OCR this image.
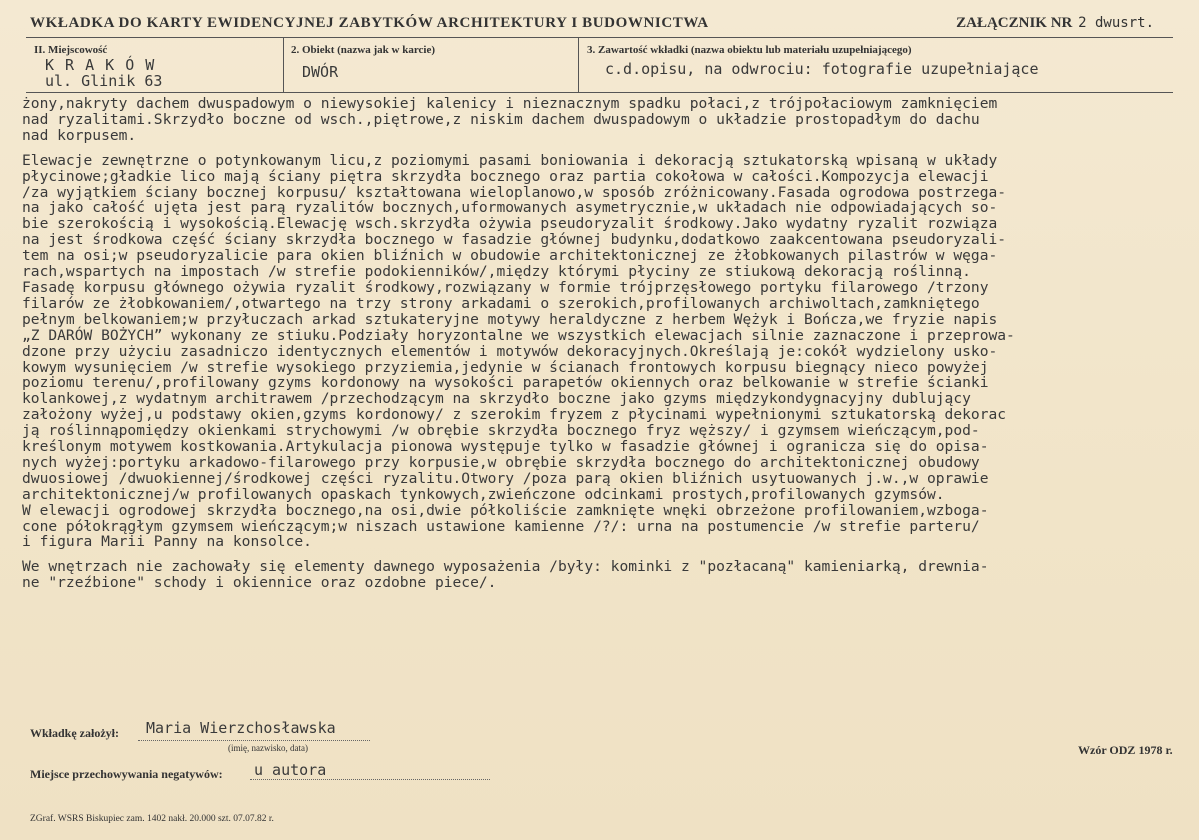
WKŁADKA DO KARTY EWIDENCYJNEJ ZABYTKÓW ARCHITEKTURY I BUDOWNICTWA	ZAŁĄCZNIK NR 2 dwusrt.
II. Miejscowość
K R A K Ó W
ul. Glinik 63
2. Obiekt (nazwa jak w karcie)
DWÓR
3. Zawartość wkładki (nazwa obiektu lub materiału uzupełniającego)
c.d.opisu, na odwrociu: fotografie uzupełniające
żony,nakryty dachem dwuspadowym o niewysokiej kalenicy i nieznacznym spadku połaci,z trójpołaciowym zamknięciem
nad ryzalitami.Skrzydło boczne od wsch.,piętrowe,z niskim dachem dwuspadowym o układzie prostopadłym do dachu
nad korpusem.
Elewacje zewnętrzne o potynkowanym licu,z poziomymi pasami boniowania i dekoracją sztukatorską wpisaną w układy
płycinowe;gładkie lico mają ściany piętra skrzydła bocznego oraz partia cokołowa w całości.Kompozycja elewacji
/za wyjątkiem ściany bocznej korpusu/ kształtowana wieloplanowo,w sposób zróżnicowany.Fasada ogrodowa postrzega-
na jako całość ujęta jest parą ryzalitów bocznych,uformowanych asymetrycznie,w układach nie odpowiadających so-
bie szerokością i wysokością.Elewację wsch.skrzydła ożywia pseudoryzalit środkowy.Jako wydatny ryzalit rozwiąza
na jest środkowa część ściany skrzydła bocznego w fasadzie głównej budynku,dodatkowo zaakcentowana pseudoryzali-
tem na osi;w pseudoryzalicie para okien bliźnich w obudowie architektonicznej ze żłobkowanych pilastrów w węga-
rach,wspartych na impostach /w strefie podokienników/,między którymi płyciny ze stiukową dekoracją roślinną.
Fasadę korpusu głównego ożywia ryzalit środkowy,rozwiązany w formie trójprzęsłowego portyku filarowego /trzony
filarów ze żłobkowaniem/,otwartego na trzy strony arkadami o szerokich,profilowanych archiwoltach,zamkniętego
pełnym belkowaniem;w przyłuczach arkad sztukateryjne motywy heraldyczne z herbem Wężyk i Bończa,we fryzie napis
„Z DARÓW BOŻYCH” wykonany ze stiuku.Podziały horyzontalne we wszystkich elewacjach silnie zaznaczone i przeprowa-
dzone przy użyciu zasadniczo identycznych elementów i motywów dekoracyjnych.Określają je:cokół wydzielony usko-
kowym wysunięciem /w strefie wysokiego przyziemia,jedynie w ścianach frontowych korpusu biegnący nieco powyżej
poziomu terenu/,profilowany gzyms kordonowy na wysokości parapetów okiennych oraz belkowanie w strefie ścianki
kolankowej,z wydatnym architrawem /przechodzącym na skrzydło boczne jako gzyms międzykondygnacyjny dublujący
założony wyżej,u podstawy okien,gzyms kordonowy/ z szerokim fryzem z płycinami wypełnionymi sztukatorską dekorac
ją roślinnąpomiędzy okienkami strychowymi /w obrębie skrzydła bocznego fryz węższy/ i gzymsem wieńczącym,pod-
kreślonym motywem kostkowania.Artykulacja pionowa występuje tylko w fasadzie głównej i ogranicza się do opisa-
nych wyżej:portyku arkadowo-filarowego przy korpusie,w obrębie skrzydła bocznego do architektonicznej obudowy
dwuosiowej /dwuokiennej/środkowej części ryzalitu.Otwory /poza parą okien bliźnich usytuowanych j.w.,w oprawie
architektonicznej/w profilowanych opaskach tynkowych,zwieńczone odcinkami prostych,profilowanych gzymsów.
W elewacji ogrodowej skrzydła bocznego,na osi,dwie półkoliście zamknięte wnęki obrzeżone profilowaniem,wzboga-
cone półokrągłym gzymsem wieńczącym;w niszach ustawione kamienne /?/: urna na postumencie /w strefie parteru/
i figura Marii Panny na konsolce.
We wnętrzach nie zachowały się elementy dawnego wyposażenia /były: kominki z "pozłacaną" kamieniarką, drewnia-
ne "rzeźbione" schody i okiennice oraz ozdobne piece/.
Wkładkę założył: Maria Wierzchosławska
(imię, nazwisko, data)	Wzór ODZ 1978 r.
Miejsce przechowywania negatywów: u autora
ZGraf. WSRS Biskupiec zam. 1402 nakł. 20.000 szt. 07.07.82 r.
